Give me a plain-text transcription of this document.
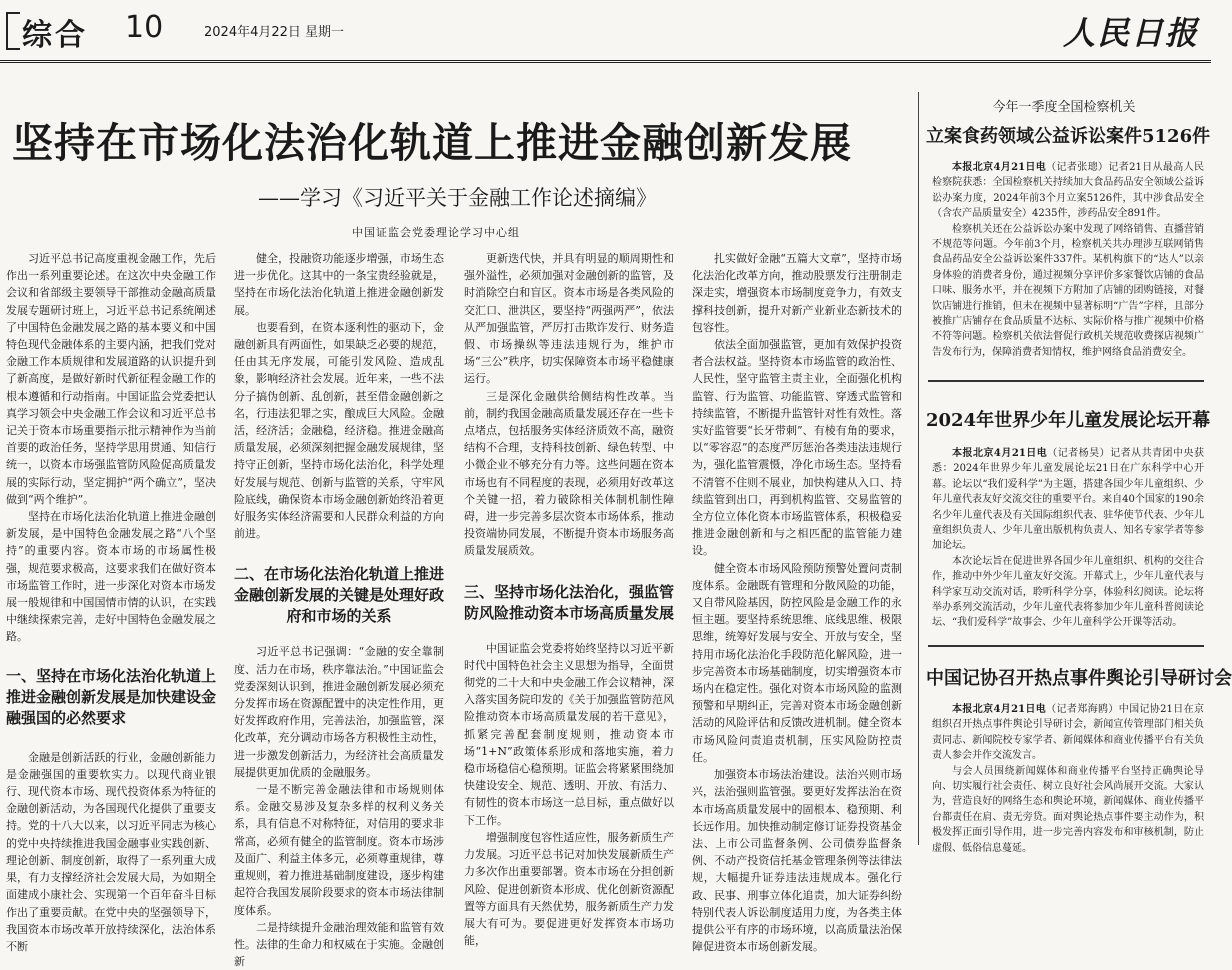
综合 10	2024年4月22日 星期一	人民日报
坚持在市场化法治化轨道上推进金融创新发展
——学习《习近平关于金融工作论述摘编》
中国证监会党委理论学习中心组

习近平总书记高度重视金融工作，先后作出一系列重要论述。在这次中央金融工作会议和省部级主要领导干部推动金融高质量发展专题研讨班上，习近平总书记系统阐述了中国特色金融发展之路的基本要义和中国特色现代金融体系的主要内涵，把我们党对金融工作本质规律和发展道路的认识提升到了新高度，是做好新时代新征程金融工作的根本遵循和行动指南。中国证监会党委把认真学习领会中央金融工作会议和习近平总书记关于资本市场重要指示批示精神作为当前首要的政治任务，坚持学思用贯通、知信行统一，以资本市场强监管防风险促高质量发展的实际行动，坚定拥护“两个确立”，坚决做到“两个维护”。

坚持在市场化法治化轨道上推进金融创新发展，是中国特色金融发展之路“八个坚持”的重要内容。资本市场的市场属性极强，规范要求极高，这要求我们在做好资本市场监管工作时，进一步深化对资本市场发展一般规律和中国国情市情的认识，在实践中继续探索完善，走好中国特色金融发展之路。

一、坚持在市场化法治化轨道上推进金融创新发展是加快建设金融强国的必然要求

金融是创新活跃的行业，金融创新能力是金融强国的重要软实力。以现代商业银行、现代资本市场、现代投资体系为特征的金融创新活动，为各国现代化提供了重要支持。党的十八大以来，以习近平同志为核心的党中央持续推进我国金融事业实践创新、理论创新、制度创新，取得了一系列重大成果，有力支撑经济社会发展大局，为如期全面建成小康社会、实现第一个百年奋斗目标作出了重要贡献。在党中央的坚强领导下，我国资本市场改革开放持续深化，法治体系不断

健全，投融资功能逐步增强，市场生态进一步优化。这其中的一条宝贵经验就是，坚持在市场化法治化轨道上推进金融创新发展。

也要看到，在资本逐利性的驱动下，金融创新具有两面性，如果缺乏必要的规范，任由其无序发展，可能引发风险、造成乱象，影响经济社会发展。近年来，一些不法分子搞伪创新、乱创新，甚至借金融创新之名，行违法犯罪之实，酿成巨大风险。金融活，经济活；金融稳，经济稳。推进金融高质量发展，必须深刻把握金融发展规律，坚持守正创新，坚持市场化法治化，科学处理好发展与规范、创新与监管的关系，守牢风险底线，确保资本市场金融创新始终沿着更好服务实体经济需要和人民群众利益的方向前进。

二、在市场化法治化轨道上推进金融创新发展的关键是处理好政府和市场的关系

习近平总书记强调：“金融的安全靠制度、活力在市场，秩序靠法治。”中国证监会党委深刻认识到，推进金融创新发展必须充分发挥市场在资源配置中的决定性作用，更好发挥政府作用，完善法治，加强监管，深化改革，充分调动市场各方积极性主动性，进一步激发创新活力，为经济社会高质量发展提供更加优质的金融服务。

一是不断完善金融法律和市场规则体系。金融交易涉及复杂多样的权利义务关系，具有信息不对称特征，对信用的要求非常高，必须有健全的监管制度。资本市场涉及面广、利益主体多元，必须尊重规律，尊重规则，着力推进基础制度建设，逐步构建起符合我国发展阶段要求的资本市场法律制度体系。

二是持续提升金融治理效能和监管有效性。法律的生命力和权威在于实施。金融创新

更新迭代快，并具有明显的顺周期性和强外溢性，必须加强对金融创新的监管，及时消除空白和盲区。资本市场是各类风险的交汇口、泄洪区，要坚持“两强两严”，依法从严加强监管，严厉打击欺诈发行、财务造假、市场操纵等违法违规行为，维护市场“三公”秩序，切实保障资本市场平稳健康运行。

三是深化金融供给侧结构性改革。当前，制约我国金融高质量发展还存在一些卡点堵点，包括服务实体经济质效不高，融资结构不合理，支持科技创新、绿色转型、中小微企业不够充分有力等。这些问题在资本市场也有不同程度的表现，必须用好改革这个关键一招，着力破除相关体制机制性障碍，进一步完善多层次资本市场体系，推动投资端协同发展，不断提升资本市场服务高质量发展质效。

三、坚持市场化法治化，强监管防风险推动资本市场高质量发展

中国证监会党委将始终坚持以习近平新时代中国特色社会主义思想为指导，全面贯彻党的二十大和中央金融工作会议精神，深入落实国务院印发的《关于加强监管防范风险推动资本市场高质量发展的若干意见》，抓紧完善配套制度规则，推动资本市场“1+N”政策体系形成和落地实施，着力稳市场稳信心稳预期。证监会将紧紧围绕加快建设安全、规范、透明、开放、有活力、有韧性的资本市场这一总目标，重点做好以下工作。

增强制度包容性适应性，服务新质生产力发展。习近平总书记对加快发展新质生产力多次作出重要部署。资本市场在分担创新风险、促进创新资本形成、优化创新资源配置等方面具有天然优势，服务新质生产力发展大有可为。要促进更好发挥资本市场功能，

扎实做好金融“五篇大文章”，坚持市场化法治化改革方向，推动股票发行注册制走深走实，增强资本市场制度竞争力，有效支撑科技创新，提升对新产业新业态新技术的包容性。

依法全面加强监管，更加有效保护投资者合法权益。坚持资本市场监管的政治性、人民性，坚守监管主责主业，全面强化机构监管、行为监管、功能监管、穿透式监管和持续监管，不断提升监管针对性有效性。落实好监管要“长牙带刺”、有棱有角的要求，以“零容忍”的态度严厉惩治各类违法违规行为，强化监管震慑，净化市场生态。坚持看不清管不住则不展业，加快构建从入口、持续监管到出口，再到机构监管、交易监管的全方位立体化资本市场监管体系，积极稳妥推进金融创新和与之相匹配的监管能力建设。

健全资本市场风险预防预警处置问责制度体系。金融既有管理和分散风险的功能，又自带风险基因，防控风险是金融工作的永恒主题。要坚持系统思维、底线思维、极限思维，统筹好发展与安全、开放与安全，坚持用市场化法治化手段防范化解风险，进一步完善资本市场基础制度，切实增强资本市场内在稳定性。强化对资本市场风险的监测预警和早期纠正，完善对资本市场金融创新活动的风险评估和反馈改进机制。健全资本市场风险问责追责机制，压实风险防控责任。

加强资本市场法治建设。法治兴则市场兴，法治强则监管强。要更好发挥法治在资本市场高质量发展中的固根本、稳预期、利长远作用。加快推动制定修订证券投资基金法、上市公司监督条例、公司债券监督条例、不动产投资信托基金管理条例等法律法规，大幅提升证券违法违规成本。强化行政、民事、刑事立体化追责，加大证券纠纷特别代表人诉讼制度适用力度，为各类主体提供公平有序的市场环境，以高质量法治保障促进资本市场创新发展。

今年一季度全国检察机关
立案食药领域公益诉讼案件5126件

本报北京4月21日电（记者张璁）记者21日从最高人民检察院获悉：全国检察机关持续加大食品药品安全领域公益诉讼办案力度，2024年前3个月立案5126件，其中涉食品安全（含农产品质量安全）4235件，涉药品安全891件。

检察机关还在公益诉讼办案中发现了网络销售、直播营销不规范等问题。今年前3个月，检察机关共办理涉互联网销售食品药品安全公益诉讼案件337件。某机构旗下的“达人”以亲身体验的消费者身份，通过视频分享评价多家餐饮店铺的食品口味、服务水平，并在视频下方附加了店铺的团购链接，对餐饮店铺进行推销，但未在视频中显著标明“广告”字样，且部分被推广店铺存在食品质量不达标、实际价格与推广视频中价格不符等问题。检察机关依法督促行政机关规范收费探店视频广告发布行为，保障消费者知情权，维护网络食品消费安全。

2024年世界少年儿童发展论坛开幕

本报北京4月21日电（记者杨昊）记者从共青团中央获悉：2024年世界少年儿童发展论坛21日在广东科学中心开幕。论坛以“我们爱科学”为主题，搭建各国少年儿童组织、少年儿童代表友好交流交往的重要平台。来自40个国家的190余名少年儿童代表及有关国际组织代表、驻华使节代表、少年儿童组织负责人、少年儿童出版机构负责人、知名专家学者等参加论坛。

本次论坛旨在促进世界各国少年儿童组织、机构的交往合作，推动中外少年儿童友好交流。开幕式上，少年儿童代表与科学家互动交流对话，聆听科学分享，体验科幻阅读。论坛将举办系列交流活动，少年儿童代表将参加少年儿童科普阅读论坛、“我们爱科学”故事会、少年儿童科学公开课等活动。

中国记协召开热点事件舆论引导研讨会

本报北京4月21日电（记者郑海鸥）中国记协21日在京组织召开热点事件舆论引导研讨会，新闻宣传管理部门相关负责同志、新闻院校专家学者、新闻媒体和商业传播平台有关负责人参会并作交流发言。

与会人员围绕新闻媒体和商业传播平台坚持正确舆论导向、切实履行社会责任、树立良好社会风尚展开交流。大家认为，营造良好的网络生态和舆论环境，新闻媒体、商业传播平台都责任在肩、责无旁贷。面对舆论热点事件要主动作为，积极发挥正面引导作用，进一步完善内容发布和审核机制，防止虚假、低俗信息蔓延。
